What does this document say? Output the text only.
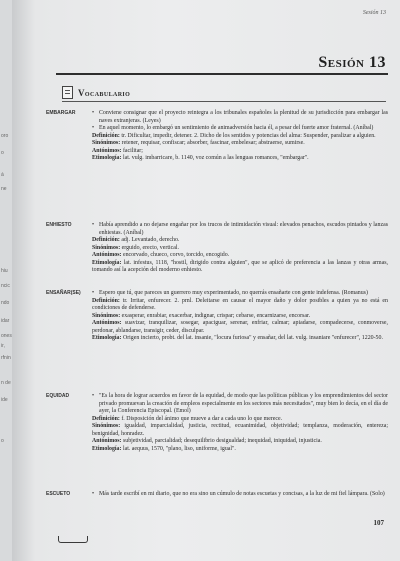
oro
o
á
ne
hiu
ncic
ndo
idar
ones
ir,
rfnin
n de
ide
o
Sesión 13
Sesión 13
Vocabulario
EMBARGAR	• Conviene consignar que el proyecto reintegra a los tribunales españoles la plenitud de su jurisdicción para embargar las naves extranjeras. (Leyes)

• En aquel momento, lo embargó un sentimiento de animadversión hacia él, a pesar del fuerte amor fraternal. (Aníbal)

Definición: tr. Dificultar, impedir, detener. 2. Dicho de los sentidos y potencias del alma: Suspender, paralizar a alguien.

Sinónimos: retener, requisar, confiscar; absorber, fascinar, embelesar; abstraerse, sumirse.

Antónimos: facilitar;

Etimología: lat. vulg. imbarricare, b. 1140, voz común a las lenguas romances, "embargar".

ENHIESTO	• Había aprendido a no dejarse engañar por los trucos de intimidación visual: elevados penachos, escudos pintados y lanzas enhiestas. (Aníbal)

Definición: adj. Levantado, derecho.

Sinónimos: erguido, erecto, vertical.

Antónimos: encorvado, chueco, corvo, torcido, encogido.

Etimología: lat. infestus, 1118, "hostil, dirigido contra alguien", que se aplicó de preferencia a las lanzas y otras armas, tomando así la acepción del moderno enhiesto.

ENSAÑAR(SE)	• Espero que tú, que pareces un guerrero muy experimentado, no querrás ensañarte con gente indefensa. (Romanus)

Definición: tr. Irritar, enfurecer. 2. prnl. Deleitarse en causar el mayor daño y dolor posibles a quien ya no está en condiciones de defenderse.

Sinónimos: exasperar, enrabiar, exacerbar, indignar, crispar; cebarse, encarnizarse, encorsar.

Antónimos: suavizar, tranquilizar, sosegar, apaciguar, serenar, enfriar, calmar; apiadarse, compadecerse, conmoverse, perdonar, ablandarse, transigir, ceder, disculpar.

Etimología: Origen incierto, probt. del lat. insanie, "locura furiosa" y ensañar, del lat. vulg. insaniare "enfurecer", 1220-50.

EQUIDAD	• "Es la hora de lograr acuerdos en favor de la equidad, de modo que las políticas públicas y los emprendimientos del sector privado promuevan la creación de empleos especialmente en los sectores más necesitados", muy bien lo decía, en el día de ayer, la Conferencia Episcopal. (Emol)

Definición: f. Disposición del ánimo que mueve a dar a cada uno lo que merece.

Sinónimos: igualdad, imparcialidad, justicia, rectitud, ecuanimidad, objetividad; templanza, moderación, entereza; benignidad, honradez.

Antónimos: subjetividad, parcialidad; desequilibrio desigualdad; inequidad, iniquidad, injusticia.

Etimología: lat. aequus, 1570, "plano, liso, uniforme, igual".

ESCUETO	• Más tarde escribí en mi diario, que no era sino un cúmulo de notas escuetas y concisas, a la luz de mi fiel lámpara. (Solo)

107
